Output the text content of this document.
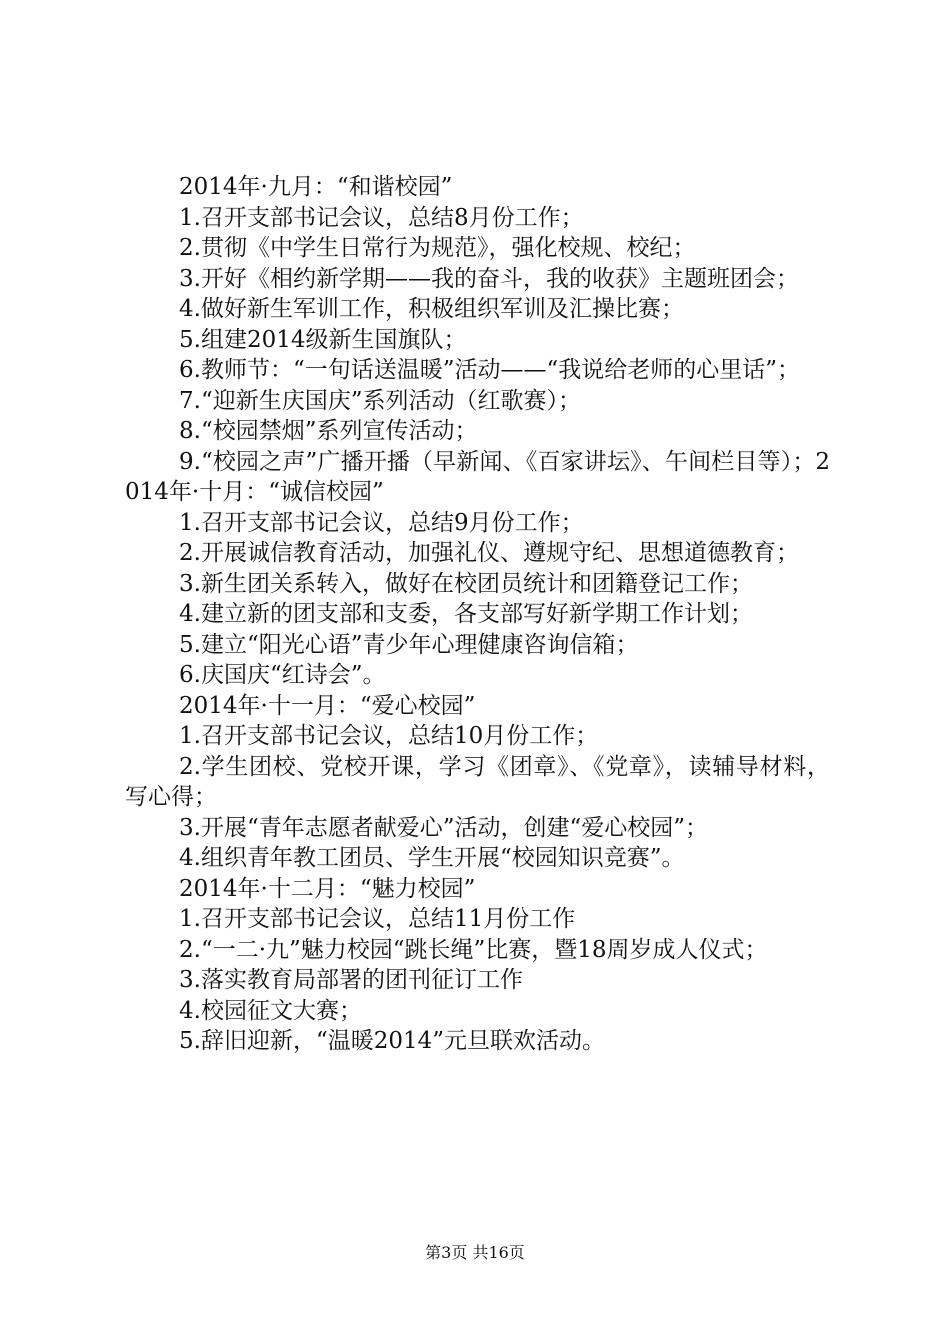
2014年·九月：“和谐校园”

1.召开支部书记会议，总结8月份工作；

2.贯彻《中学生日常行为规范》，强化校规、校纪；

3.开好《相约新学期——我的奋斗，我的收获》主题班团会；

4.做好新生军训工作，积极组织军训及汇操比赛；

5.组建2014级新生国旗队；

6.教师节：“一句话送温暖”活动——“我说给老师的心里话”；

7.“迎新生庆国庆”系列活动（红歌赛）；

8.“校园禁烟”系列宣传活动；

9.“校园之声”广播开播（早新闻、《百家讲坛》、午间栏目等）；2014年·十月：“诚信校园”

1.召开支部书记会议，总结9月份工作；

2.开展诚信教育活动，加强礼仪、遵规守纪、思想道德教育；

3.新生团关系转入，做好在校团员统计和团籍登记工作；

4.建立新的团支部和支委，各支部写好新学期工作计划；

5.建立“阳光心语”青少年心理健康咨询信箱；

6.庆国庆“红诗会”。

2014年·十一月：“爱心校园”

1.召开支部书记会议，总结10月份工作；

2.学生团校、党校开课，学习《团章》、《党章》，读辅导材料，写心得；

3.开展“青年志愿者献爱心”活动，创建“爱心校园”；

4.组织青年教工团员、学生开展“校园知识竞赛”。

2014年·十二月：“魅力校园”

1.召开支部书记会议，总结11月份工作

2.“一二·九”魅力校园“跳长绳”比赛，暨18周岁成人仪式；

3.落实教育局部署的团刊征订工作

4.校园征文大赛；

5.辞旧迎新，“温暖2014”元旦联欢活动。

第3页 共16页
